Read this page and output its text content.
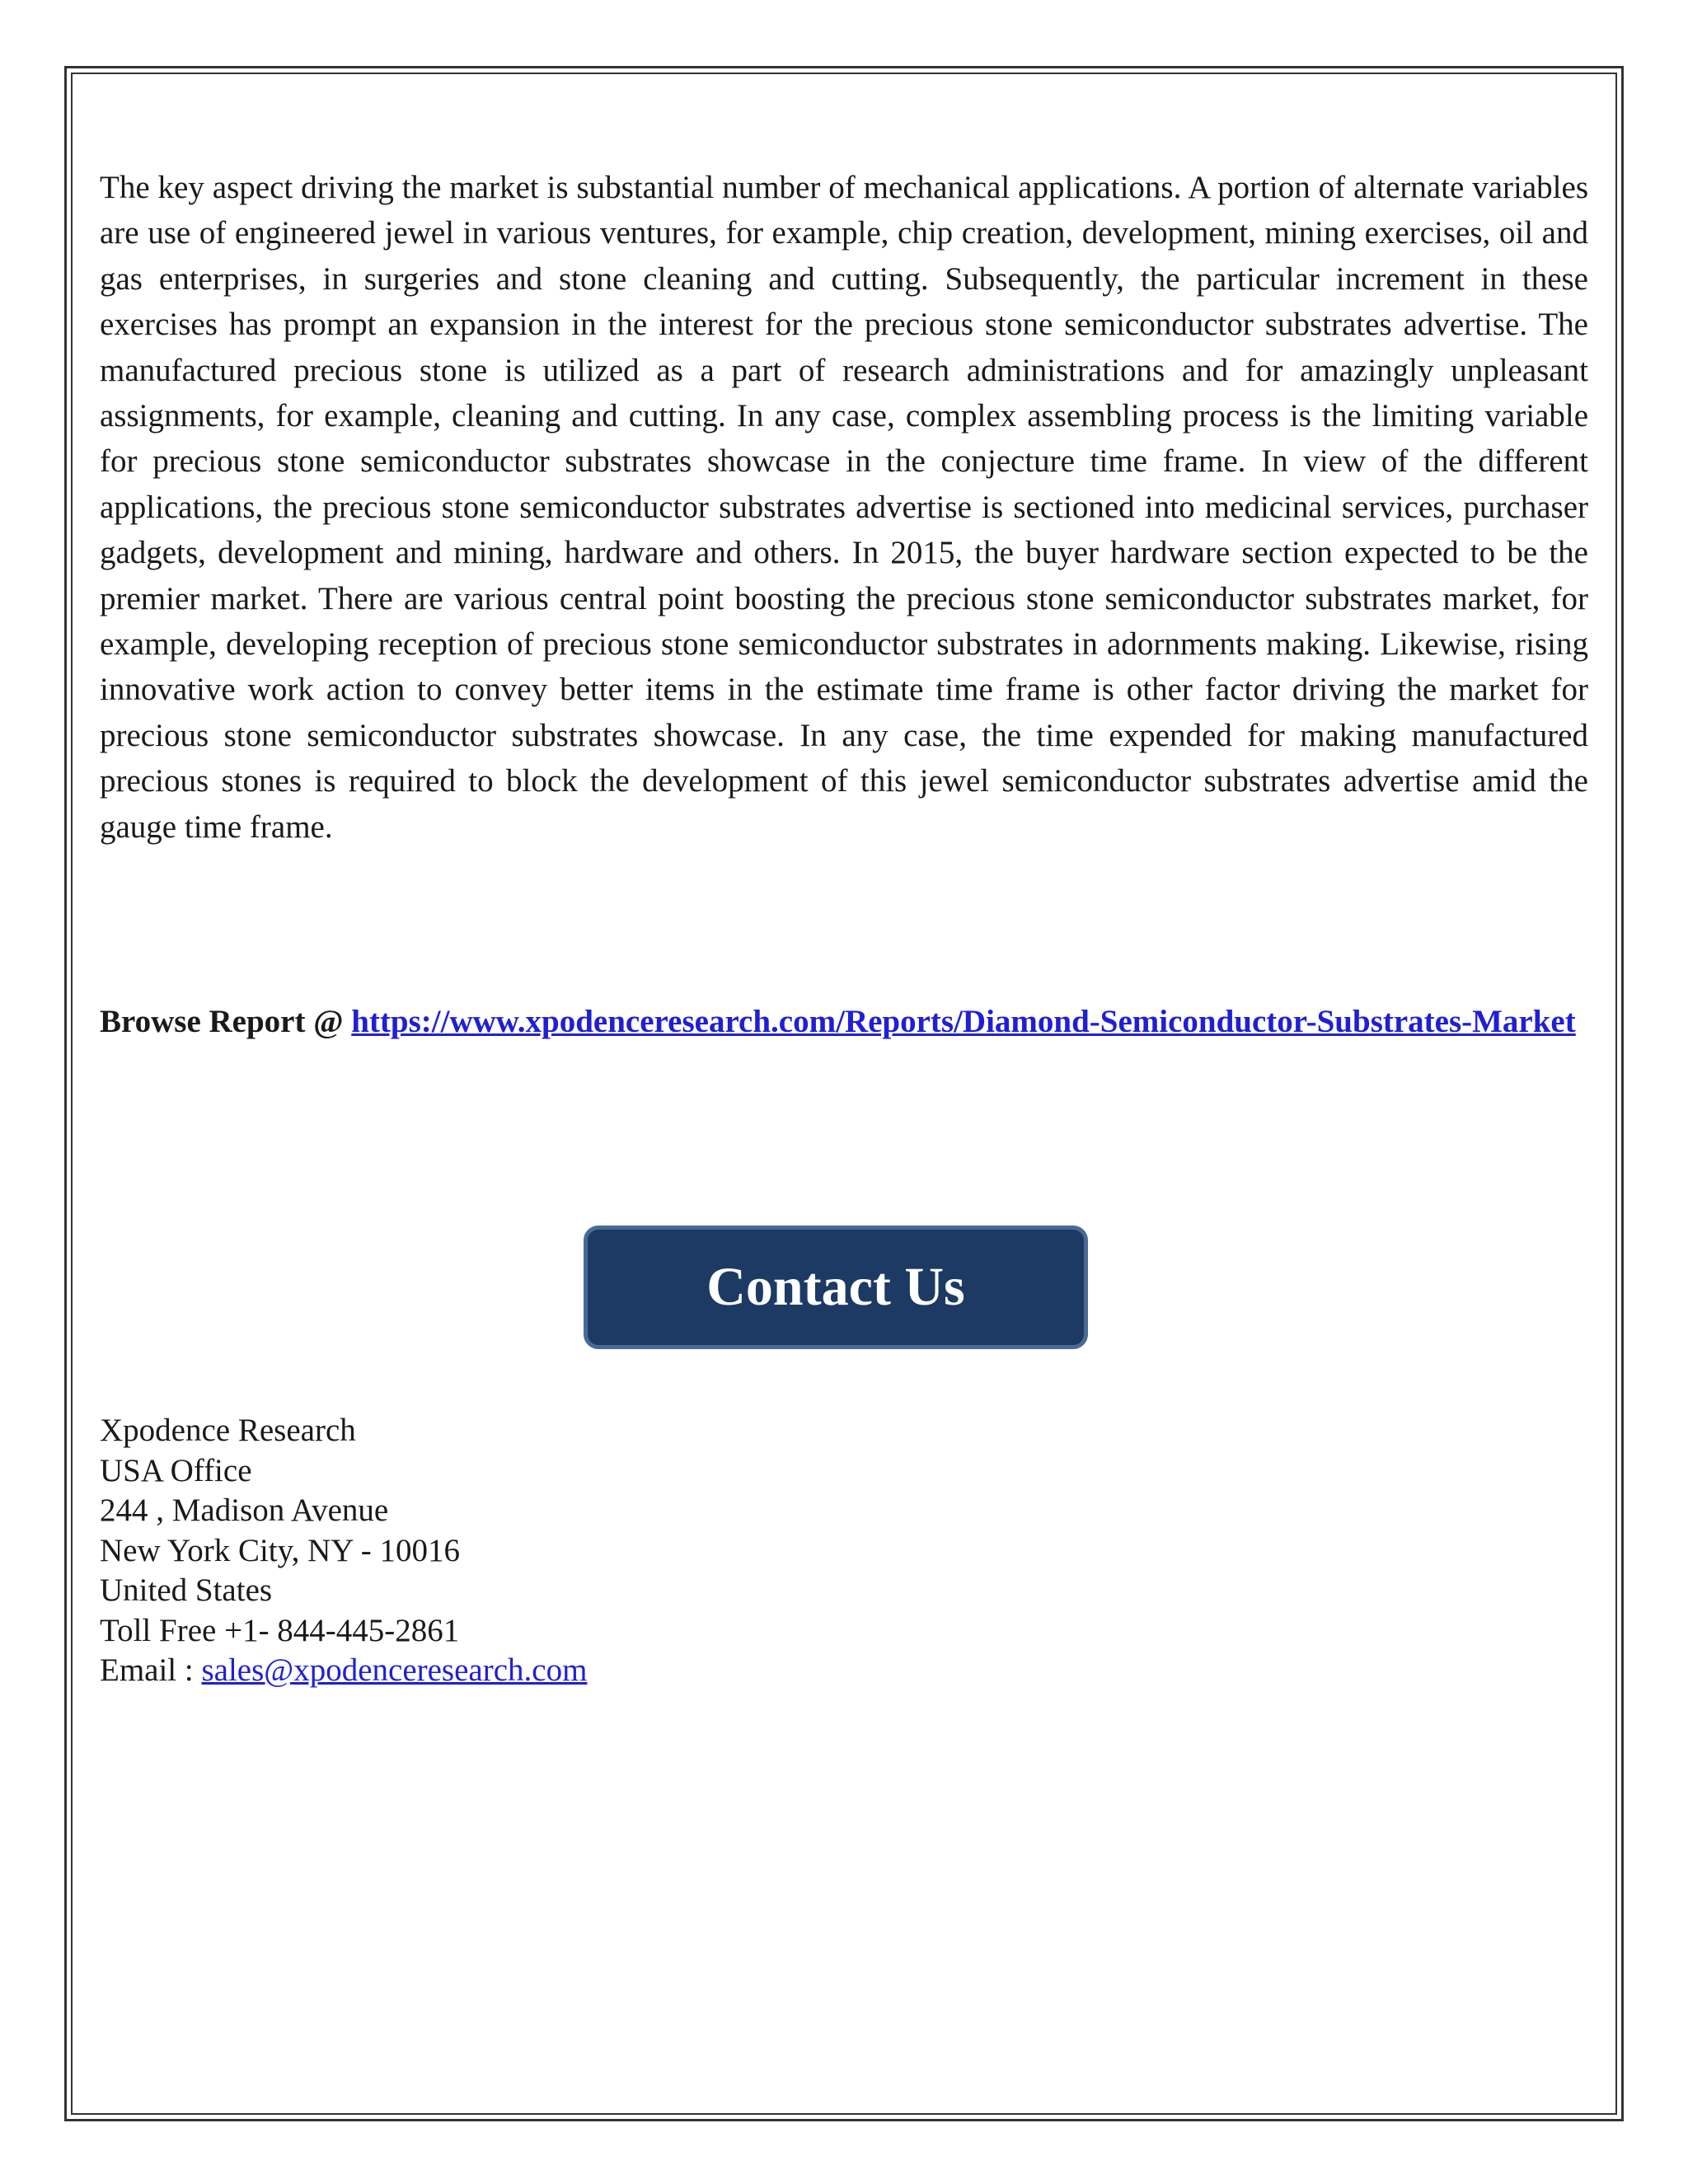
The key aspect driving the market is substantial number of mechanical applications. A portion of alternate variables are use of engineered jewel in various ventures, for example, chip creation, development, mining exercises, oil and gas enterprises, in surgeries and stone cleaning and cutting. Subsequently, the particular increment in these exercises has prompt an expansion in the interest for the precious stone semiconductor substrates advertise. The manufactured precious stone is utilized as a part of research administrations and for amazingly unpleasant assignments, for example, cleaning and cutting. In any case, complex assembling process is the limiting variable for precious stone semiconductor substrates showcase in the conjecture time frame. In view of the different applications, the precious stone semiconductor substrates advertise is sectioned into medicinal services, purchaser gadgets, development and mining, hardware and others. In 2015, the buyer hardware section expected to be the premier market. There are various central point boosting the precious stone semiconductor substrates market, for example, developing reception of precious stone semiconductor substrates in adornments making. Likewise, rising innovative work action to convey better items in the estimate time frame is other factor driving the market for precious stone semiconductor substrates showcase. In any case, the time expended for making manufactured precious stones is required to block the development of this jewel semiconductor substrates advertise amid the gauge time frame.

Browse Report @ https://www.xpodenceresearch.com/Reports/Diamond-Semiconductor-Substrates-Market

Contact Us
Xpodence Research
USA Office
244 , Madison Avenue
New York City, NY - 10016
United States
Toll Free +1- 844-445-2861
Email : sales@xpodenceresearch.com
